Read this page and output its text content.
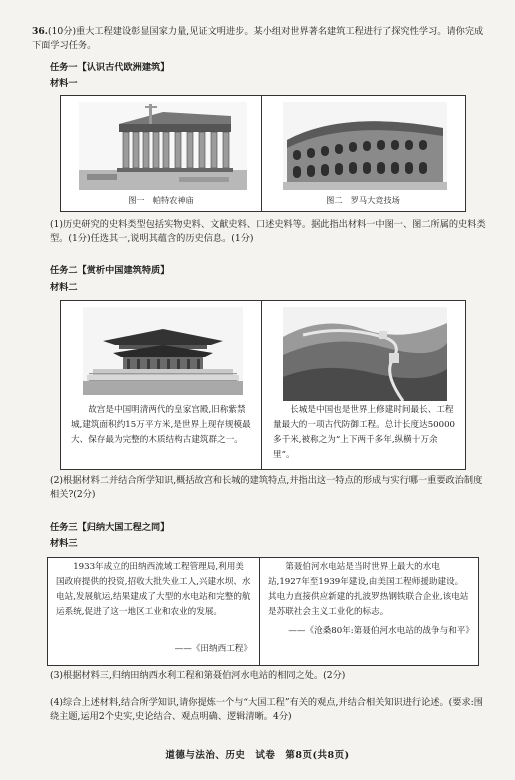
36.(10分)重大工程建设彰显国家力量,见证文明进步。某小组对世界著名建筑工程进行了探究性学习。请你完成下面学习任务。
任务一【认识古代欧洲建筑】
材料一
图一　帕特农神庙	图二　罗马大竞技场
(1)历史研究的史料类型包括实物史料、文献史料、口述史料等。据此指出材料一中图一、图二所属的史料类型。(1分)任选其一,说明其蕴含的历史信息。(1分)
任务二【赏析中国建筑特质】
材料二
故宫是中国明清两代的皇家宫殿,旧称紫禁城,建筑面积约15万平方米,是世界上现存规模最大、保存最为完整的木质结构古建筑群之一。
长城是中国也是世界上修建时间最长、工程量最大的一项古代防御工程。总计长度达50000多千米,被称之为“上下两千多年,纵横十万余里”。
(2)根据材料二并结合所学知识,概括故宫和长城的建筑特点,并指出这一特点的形成与实行哪一重要政治制度相关?(2分)
任务三【归纳大国工程之同】
材料三
1933年成立的田纳西流域工程管理局,利用美国政府提供的投资,招收大批失业工人,兴建水坝、水电站,发展航运,结果建成了大型的水电站和完整的航运系统,促进了这一地区工业和农业的发展。
——《田纳西工程》
第聂伯河水电站是当时世界上最大的水电站,1927年至1939年建设,由美国工程师援助建设。其电力直接供应新建的扎波罗热钢铁联合企业,该电站是苏联社会主义工业化的标志。
——《沧桑80年:第聂伯河水电站的战争与和平》
(3)根据材料三,归纳田纳西水利工程和第聂伯河水电站的相同之处。(2分)
(4)综合上述材料,结合所学知识,请你提炼一个与“大国工程”有关的观点,并结合相关知识进行论述。(要求:围绕主题,运用2个史实,史论结合、观点明确、逻辑清晰。4分)
道德与法治、历史　试卷　第8页(共8页)
